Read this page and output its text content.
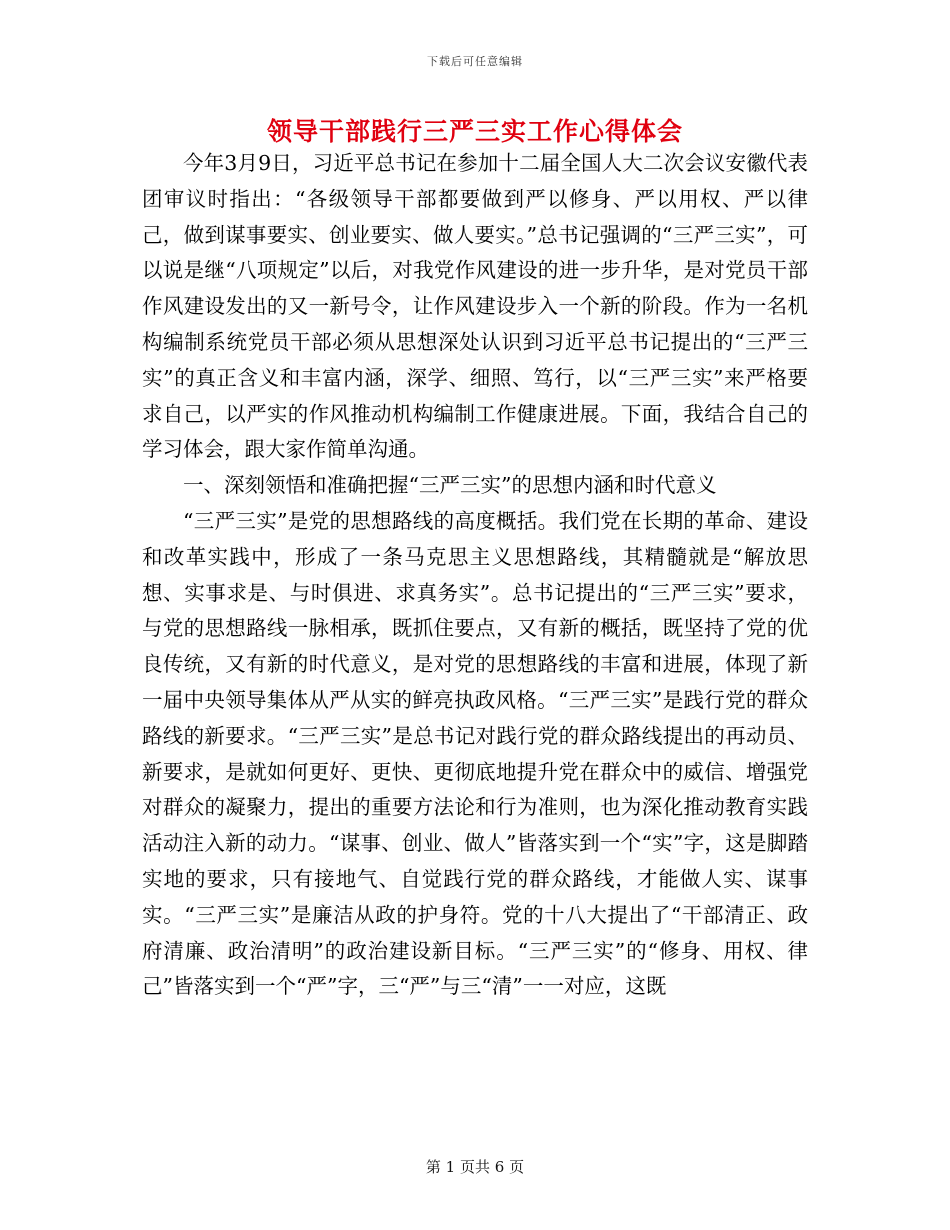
下载后可任意编辑
领导干部践行三严三实工作心得体会

今年3月9日，习近平总书记在参加十二届全国人大二次会议安徽代表团审议时指出：“各级领导干部都要做到严以修身、严以用权、严以律己，做到谋事要实、创业要实、做人要实。”总书记强调的“三严三实”，可以说是继“八项规定”以后，对我党作风建设的进一步升华，是对党员干部作风建设发出的又一新号令，让作风建设步入一个新的阶段。作为一名机构编制系统党员干部必须从思想深处认识到习近平总书记提出的“三严三实”的真正含义和丰富内涵，深学、细照、笃行，以“三严三实”来严格要求自己，以严实的作风推动机构编制工作健康进展。下面，我结合自己的学习体会，跟大家作简单沟通。

一、深刻领悟和准确把握“三严三实”的思想内涵和时代意义

“三严三实”是党的思想路线的高度概括。我们党在长期的革命、建设和改革实践中，形成了一条马克思主义思想路线，其精髓就是“解放思想、实事求是、与时俱进、求真务实”。总书记提出的“三严三实”要求，与党的思想路线一脉相承，既抓住要点，又有新的概括，既坚持了党的优良传统，又有新的时代意义，是对党的思想路线的丰富和进展，体现了新一届中央领导集体从严从实的鲜亮执政风格。“三严三实”是践行党的群众路线的新要求。“三严三实”是总书记对践行党的群众路线提出的再动员、新要求，是就如何更好、更快、更彻底地提升党在群众中的威信、增强党对群众的凝聚力，提出的重要方法论和行为准则，也为深化推动教育实践活动注入新的动力。“谋事、创业、做人”皆落实到一个“实”字，这是脚踏实地的要求，只有接地气、自觉践行党的群众路线，才能做人实、谋事实。“三严三实”是廉洁从政的护身符。党的十八大提出了“干部清正、政府清廉、政治清明”的政治建设新目标。“三严三实”的“修身、用权、律己”皆落实到一个“严”字，三“严”与三“清”一一对应，这既

第 1 页共 6 页
